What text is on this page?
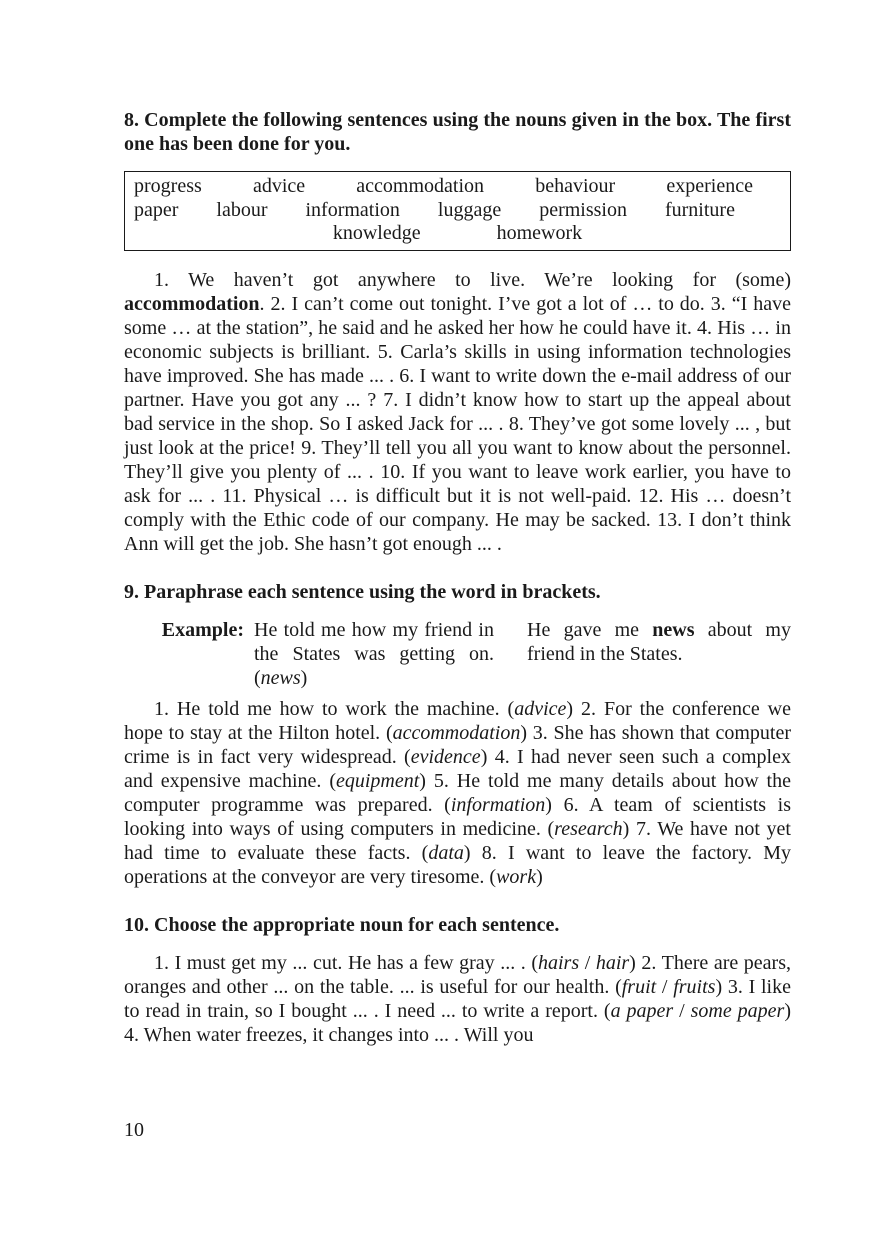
8. Complete the following sentences using the nouns given in the box. The first one has been done for you.

progress	advice	accommodation	behaviour	experience
paper labour information luggage permission furniture
knowledge	homework

1. We haven’t got anywhere to live. We’re looking for (some) accommodation. 2. I can’t come out tonight. I’ve got a lot of … to do. 3. “I have some … at the station”, he said and he asked her how he could have it. 4. His … in economic subjects is brilliant. 5. Carla’s skills in using information technologies have improved. She has made ... . 6. I want to write down the e-mail address of our partner. Have you got any ... ? 7. I didn’t know how to start up the appeal about bad service in the shop. So I asked Jack for ... . 8. They’ve got some lovely ... , but just look at the price! 9. They’ll tell you all you want to know about the personnel. They’ll give you plenty of ... . 10. If you want to leave work earlier, you have to ask for ... . 11. Physical … is difficult but it is not well-paid. 12. His … doesn’t comply with the Ethic code of our company. He may be sacked. 13. I don’t think Ann will get the job. She hasn’t got enough ... .

9. Paraphrase each sentence using the word in brackets.

Example: He told me how my friend in the States was getting on. (news)
He gave me news about my friend in the States.

1. He told me how to work the machine. (advice) 2. For the conference we hope to stay at the Hilton hotel. (accommodation) 3. She has shown that computer crime is in fact very widespread. (evidence) 4. I had never seen such a complex and expensive machine. (equipment) 5. He told me many details about how the computer programme was prepared. (information) 6. A team of scientists is looking into ways of using computers in medicine. (research) 7. We have not yet had time to evaluate these facts. (data) 8. I want to leave the factory. My operations at the conveyor are very tiresome. (work)

10. Choose the appropriate noun for each sentence.

1. I must get my ... cut. He has a few gray ... . (hairs / hair) 2. There are pears, oranges and other ... on the table. ... is useful for our health. (fruit / fruits) 3. I like to read in train, so I bought ... . I need ... to write a report. (a paper / some paper) 4. When water freezes, it changes into ... . Will you

10
